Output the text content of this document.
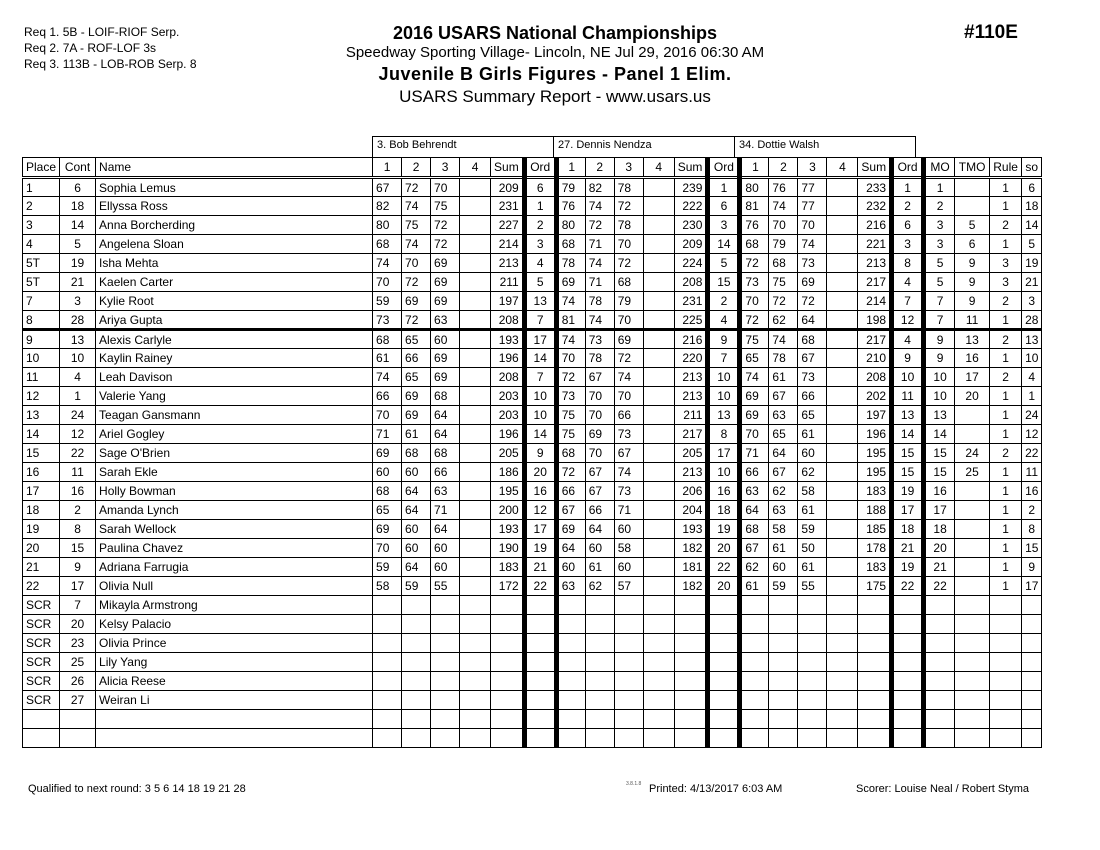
Req 1. 5B - LOIF-RIOF Serp.
Req 2. 7A - ROF-LOF 3s
Req 3. 113B - LOB-ROB Serp. 8
2016 USARS National Championships
Speedway Sporting Village- Lincoln, NE Jul 29, 2016 06:30 AM
Juvenile B Girls Figures - Panel 1 Elim.
USARS Summary Report - www.usars.us
#110E
3. Bob Behrendt	27. Dennis Nendza	34. Dottie Walsh
Place	Cont	Name	1	2	3	4	Sum	Ord	1	2	3	4	Sum	Ord	1	2	3	4	Sum	Ord	MO	TMO	Rule	so
1	6	Sophia Lemus	67	72	70		209	6	79	82	78		239	1	80	76	77		233	1	1		1	6
2	18	Ellyssa Ross	82	74	75		231	1	76	74	72		222	6	81	74	77		232	2	2		1	18
3	14	Anna Borcherding	80	75	72		227	2	80	72	78		230	3	76	70	70		216	6	3	5	2	14
4	5	Angelena Sloan	68	74	72		214	3	68	71	70		209	14	68	79	74		221	3	3	6	1	5
5T	19	Isha Mehta	74	70	69		213	4	78	74	72		224	5	72	68	73		213	8	5	9	3	19
5T	21	Kaelen Carter	70	72	69		211	5	69	71	68		208	15	73	75	69		217	4	5	9	3	21
7	3	Kylie Root	59	69	69		197	13	74	78	79		231	2	70	72	72		214	7	7	9	2	3
8	28	Ariya Gupta	73	72	63		208	7	81	74	70		225	4	72	62	64		198	12	7	11	1	28
9	13	Alexis Carlyle	68	65	60		193	17	74	73	69		216	9	75	74	68		217	4	9	13	2	13
10	10	Kaylin Rainey	61	66	69		196	14	70	78	72		220	7	65	78	67		210	9	9	16	1	10
11	4	Leah Davison	74	65	69		208	7	72	67	74		213	10	74	61	73		208	10	10	17	2	4
12	1	Valerie Yang	66	69	68		203	10	73	70	70		213	10	69	67	66		202	11	10	20	1	1
13	24	Teagan Gansmann	70	69	64		203	10	75	70	66		211	13	69	63	65		197	13	13		1	24
14	12	Ariel Gogley	71	61	64		196	14	75	69	73		217	8	70	65	61		196	14	14		1	12
15	22	Sage O'Brien	69	68	68		205	9	68	70	67		205	17	71	64	60		195	15	15	24	2	22
16	11	Sarah Ekle	60	60	66		186	20	72	67	74		213	10	66	67	62		195	15	15	25	1	11
17	16	Holly Bowman	68	64	63		195	16	66	67	73		206	16	63	62	58		183	19	16		1	16
18	2	Amanda Lynch	65	64	71		200	12	67	66	71		204	18	64	63	61		188	17	17		1	2
19	8	Sarah Wellock	69	60	64		193	17	69	64	60		193	19	68	58	59		185	18	18		1	8
20	15	Paulina Chavez	70	60	60		190	19	64	60	58		182	20	67	61	50		178	21	20		1	15
21	9	Adriana Farrugia	59	64	60		183	21	60	61	60		181	22	62	60	61		183	19	21		1	9
22	17	Olivia Null	58	59	55		172	22	63	62	57		182	20	61	59	55		175	22	22		1	17
SCR	7	Mikayla Armstrong																						
SCR	20	Kelsy Palacio																						
SCR	23	Olivia Prince																						
SCR	25	Lily Yang																						
SCR	26	Alicia Reese																						
SCR	27	Weiran Li																						

Qualified to next round: 3 5 6 14 18 19 21 28	3.8.1.8 Printed: 4/13/2017 6:03 AM	Scorer: Louise Neal / Robert Styma
